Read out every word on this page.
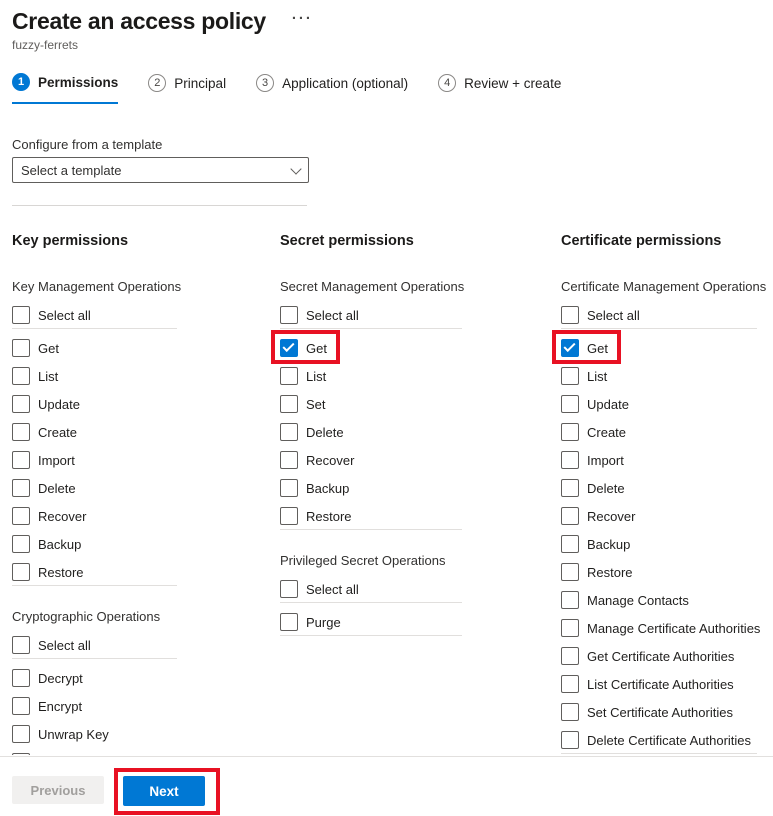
Create an access policy ···
fuzzy-ferrets
1	Permissions	2	Principal	3	Application (optional)	4	Review + create
Configure from a template
Select a template
Key permissions
Key Management Operations
Select all
Get
List
Update
Create
Import
Delete
Recover
Backup
Restore
Cryptographic Operations
Select all
Decrypt
Encrypt
Unwrap Key
Secret permissions
Secret Management Operations
Select all
Get
List
Set
Delete
Recover
Backup
Restore
Privileged Secret Operations
Select all
Purge
Certificate permissions
Certificate Management Operations
Select all
Get
List
Update
Create
Import
Delete
Recover
Backup
Restore
Manage Contacts
Manage Certificate Authorities
Get Certificate Authorities
List Certificate Authorities
Set Certificate Authorities
Delete Certificate Authorities
Previous	Next
